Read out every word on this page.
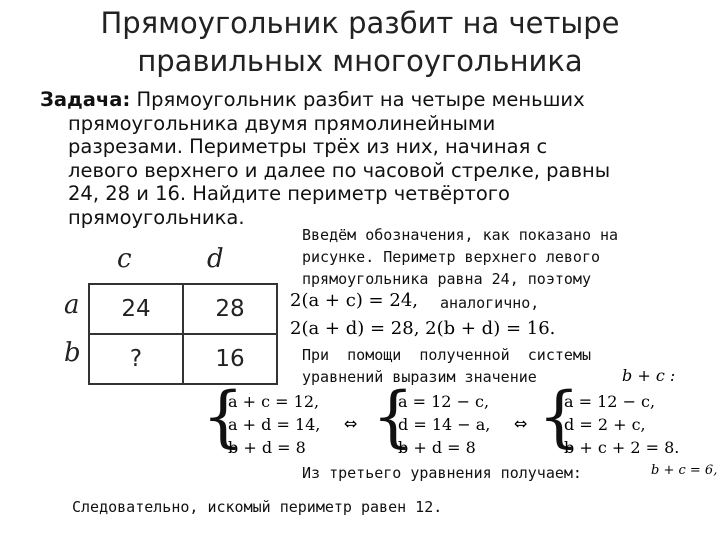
Прямоугольник разбит на четыре
правильных многоугольника
Задача: Прямоугольник разбит на четыре меньших
прямоугольника двумя прямолинейными
разрезами. Периметры трёх из них, начиная с
левого верхнего и далее по часовой стрелке, равны
24, 28 и 16. Найдите периметр четвёртого
прямоугольника.
c	d
a
b
24	28
?	16
Введём обозначения, как показано на
рисунке. Периметр верхнего левого
прямоугольника равна 24, поэтому
2(a + c) = 24, аналогично,
2(a + d) = 28, 2(b + d) = 16.
При  помощи  полученной  системы
уравнений выразим значение	b + c :
{
a + c = 12,
a + d = 14,
b + d = 8
⇔ {
a = 12 − c,
d = 14 − a,
b + d = 8
⇔ {
a = 12 − c,
d = 2 + c,
b + c + 2 = 8.
Из третьего уравнения получаем:	b + c = 6,
Следовательно, искомый периметр равен 12.
